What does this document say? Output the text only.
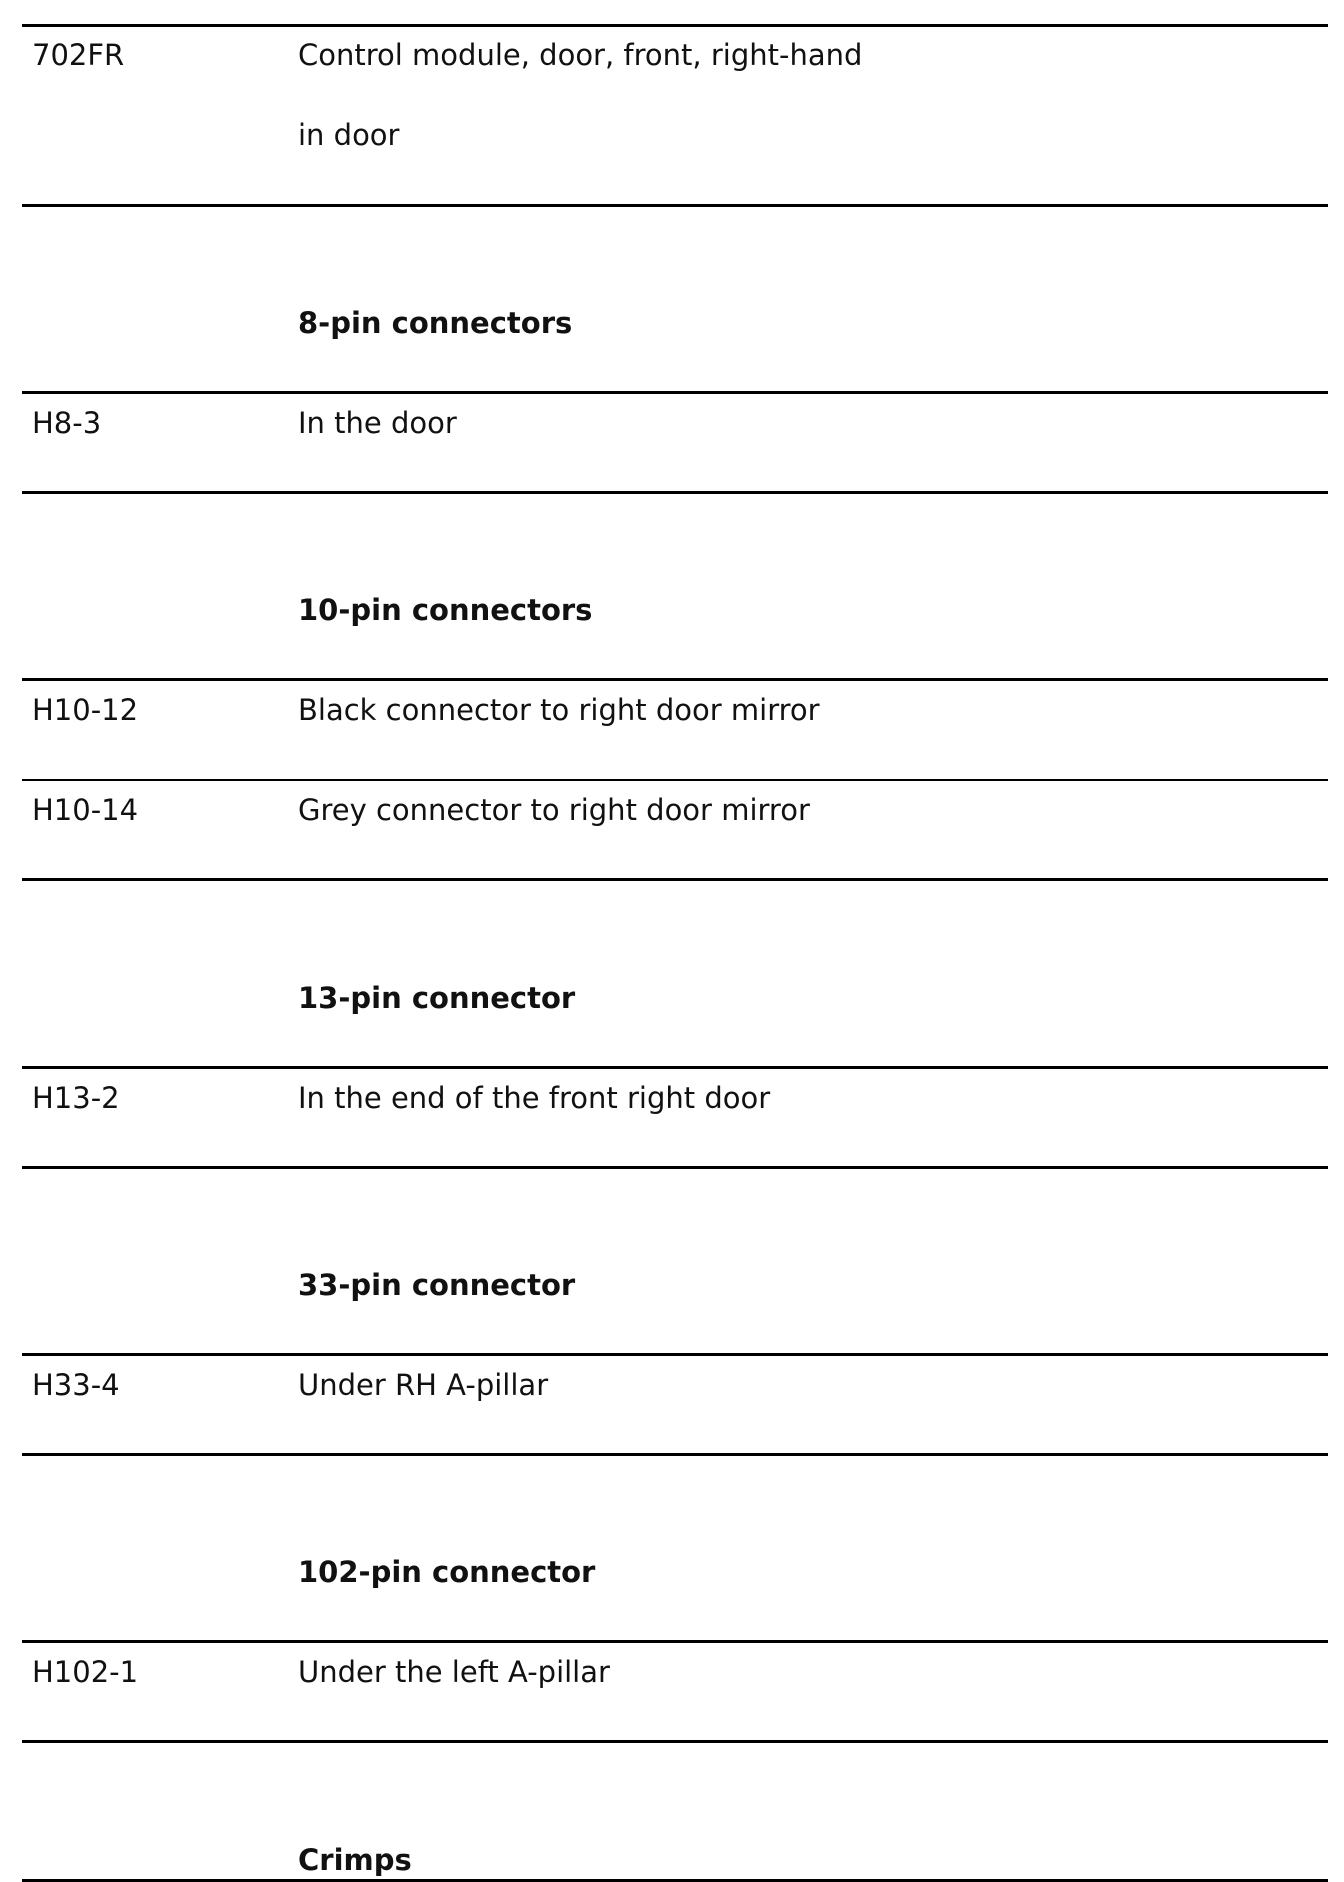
702FR	Control module, door, front, right-hand
in door
8-pin connectors
H8-3	In the door
10-pin connectors
H10-12	Black connector to right door mirror
H10-14	Grey connector to right door mirror
13-pin connector
H13-2	In the end of the front right door
33-pin connector
H33-4	Under RH A-pillar
102-pin connector
H102-1	Under the left A-pillar
Crimps
